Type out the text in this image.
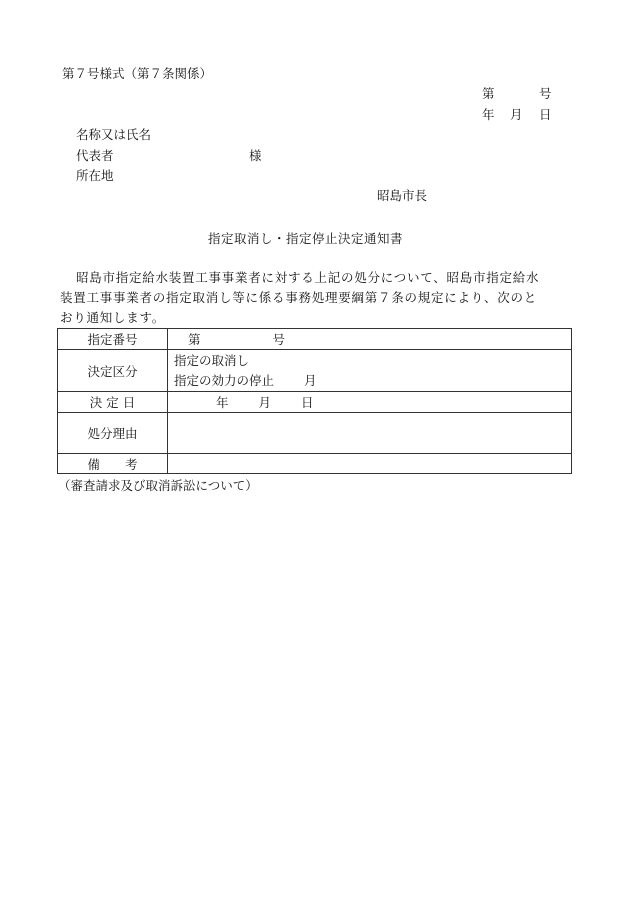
第７号様式（第７条関係）
第	号
年 月 日
名称又は氏名
代表者	様
所在地
昭島市長
指定取消し・指定停止決定通知書
昭島市指定給水装置工事事業者に対する上記の処分について、昭島市指定給水
装置工事事業者の指定取消し等に係る事務処理要綱第７条の規定により、次のと
おり通知します。
指定番号	第 号
決定区分	指定の取消し
指定の効力の停止 月

決 定 日	年 月 日
処分理由	
備　　考	
（審査請求及び取消訴訟について）
